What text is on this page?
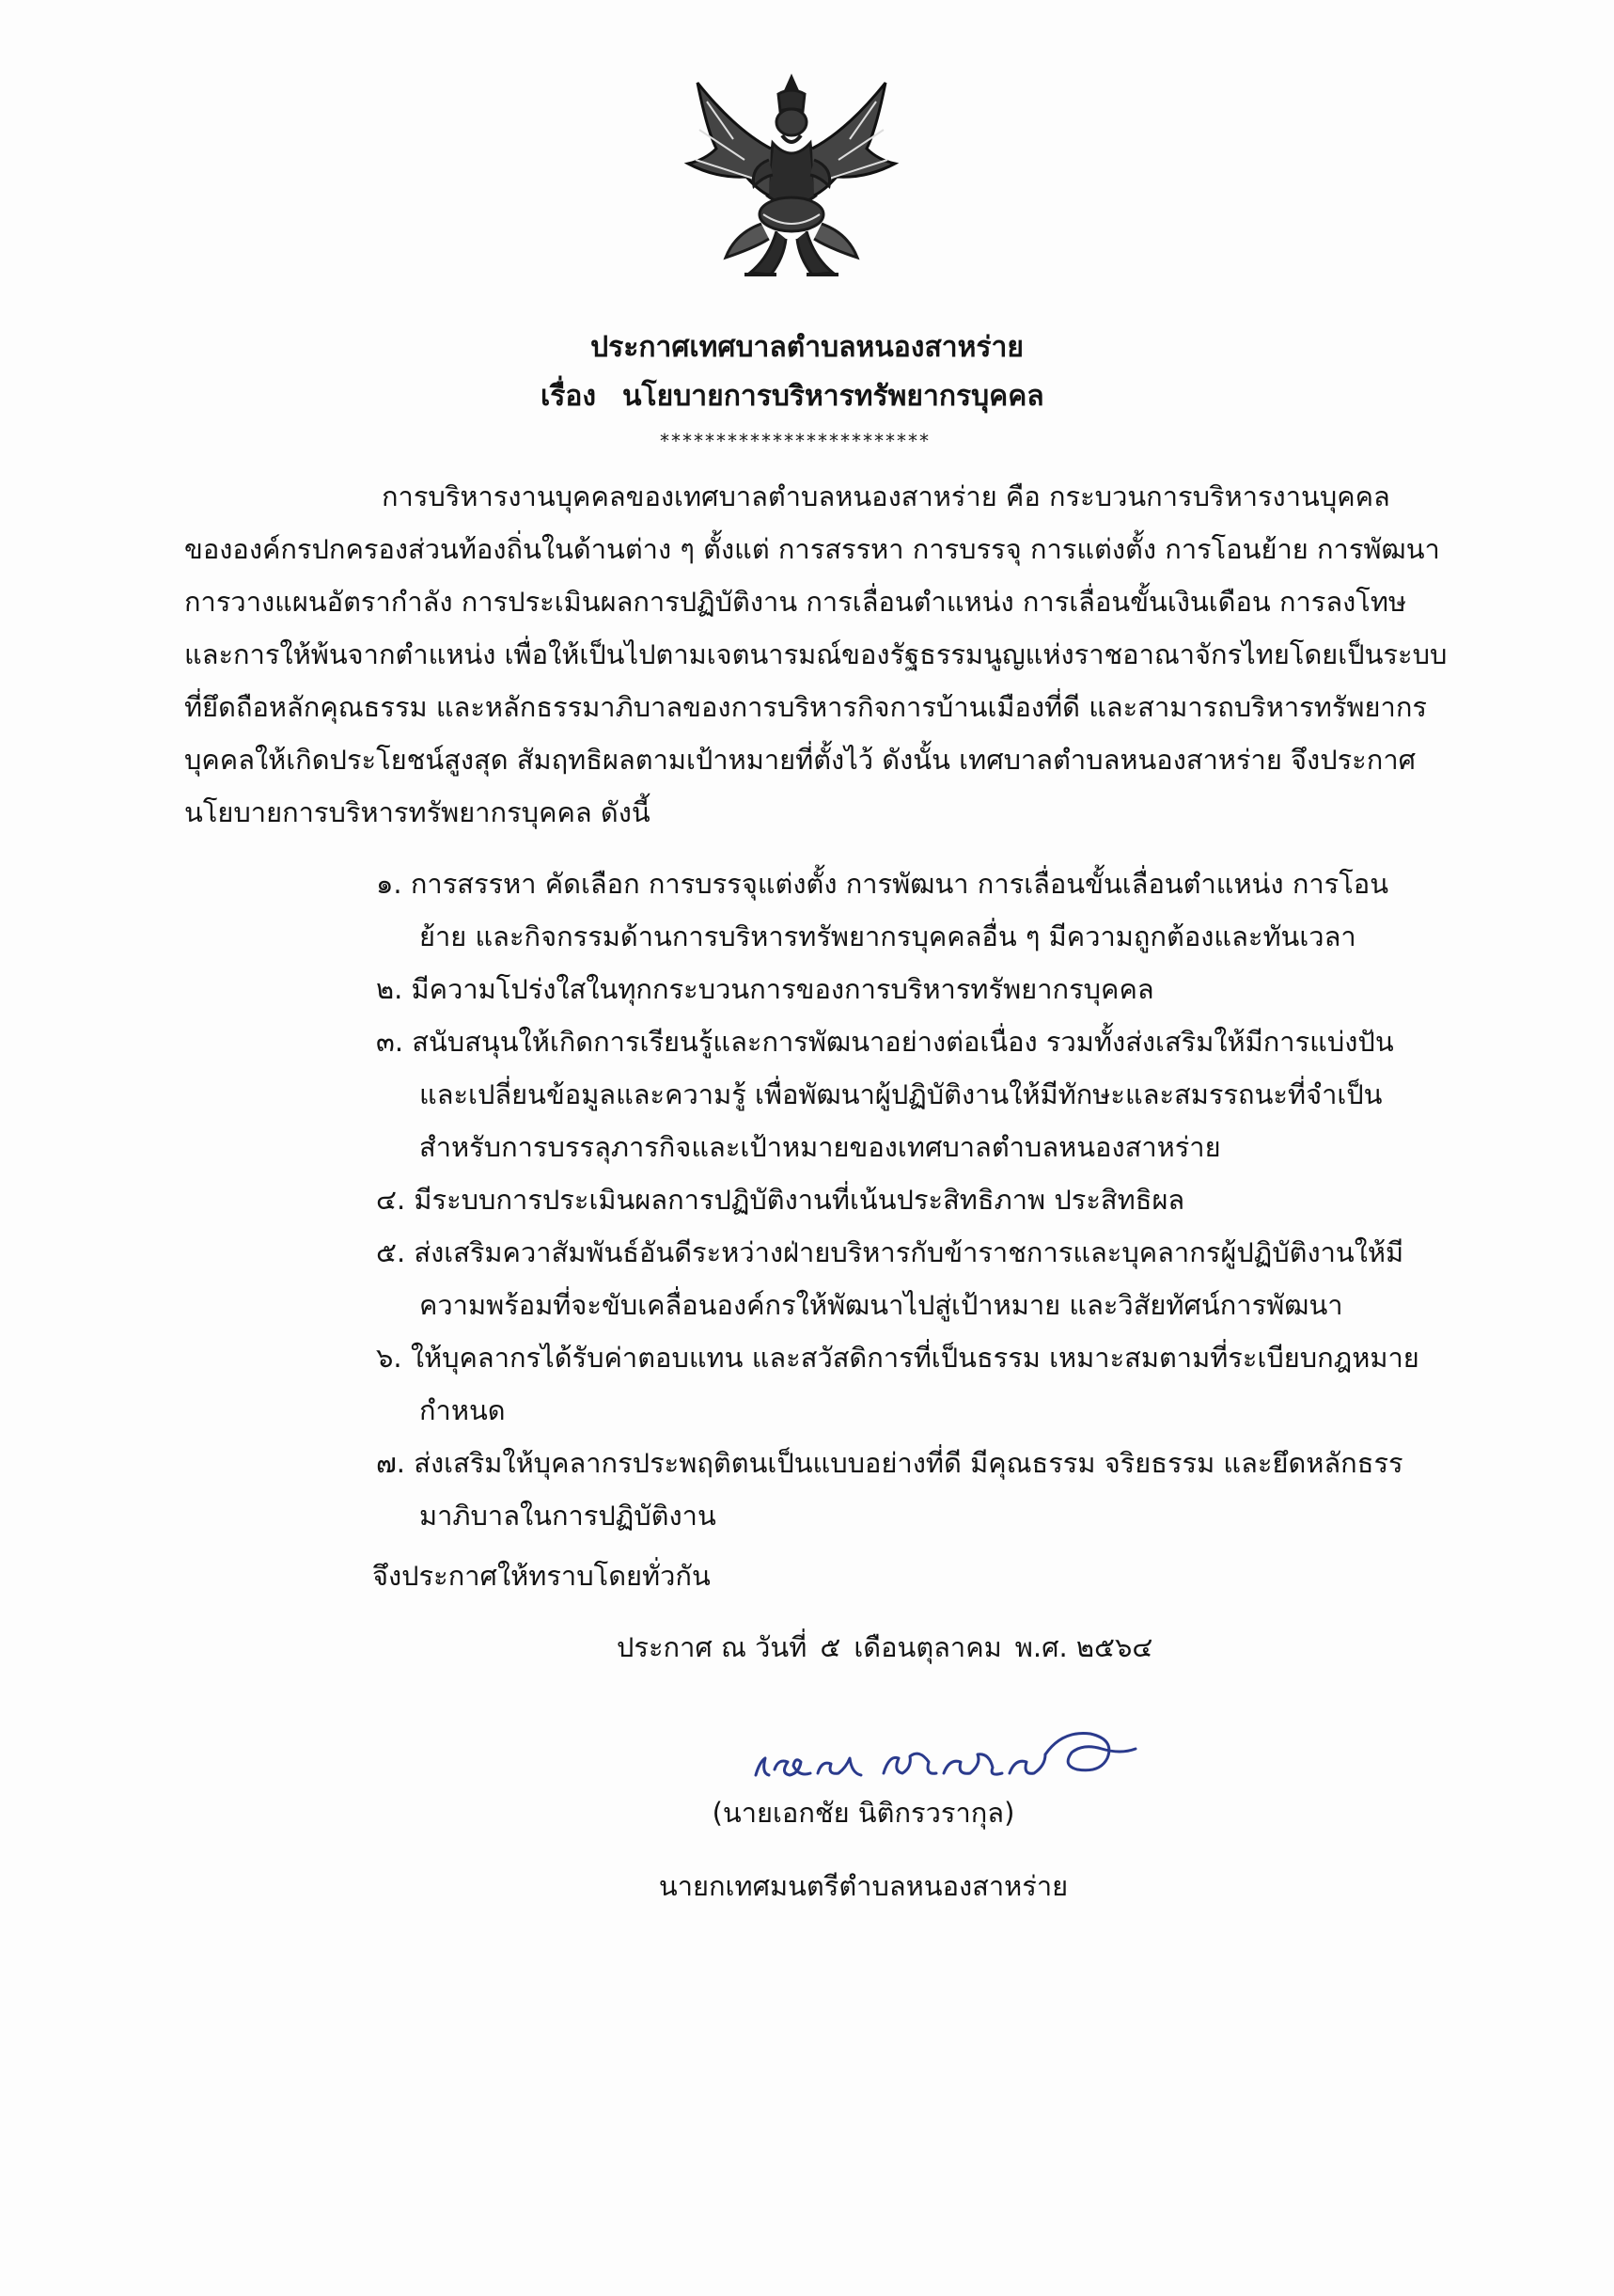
ประกาศเทศบาลตำบลหนองสาหร่าย
เรื่อง นโยบายการบริหารทรัพยากรบุคคล
************************
การบริหารงานบุคคลของเทศบาลตำบลหนองสาหร่าย คือ กระบวนการบริหารงานบุคคล
ขององค์กรปกครองส่วนท้องถิ่นในด้านต่าง ๆ ตั้งแต่ การสรรหา การบรรจุ การแต่งตั้ง การโอนย้าย การพัฒนา
การวางแผนอัตรากำลัง การประเมินผลการปฏิบัติงาน การเลื่อนตำแหน่ง การเลื่อนขั้นเงินเดือน การลงโทษ
และการให้พ้นจากตำแหน่ง เพื่อให้เป็นไปตามเจตนารมณ์ของรัฐธรรมนูญแห่งราชอาณาจักรไทยโดยเป็นระบบ
ที่ยึดถือหลักคุณธรรม และหลักธรรมาภิบาลของการบริหารกิจการบ้านเมืองที่ดี และสามารถบริหารทรัพยากร
บุคคลให้เกิดประโยชน์สูงสุด สัมฤทธิผลตามเป้าหมายที่ตั้งไว้ ดังนั้น เทศบาลตำบลหนองสาหร่าย จึงประกาศ
นโยบายการบริหารทรัพยากรบุคคล ดังนี้
๑. การสรรหา คัดเลือก การบรรจุแต่งตั้ง การพัฒนา การเลื่อนขั้นเลื่อนตำแหน่ง การโอน
ย้าย และกิจกรรมด้านการบริหารทรัพยากรบุคคลอื่น ๆ มีความถูกต้องและทันเวลา
๒. มีความโปร่งใสในทุกกระบวนการของการบริหารทรัพยากรบุคคล
๓. สนับสนุนให้เกิดการเรียนรู้และการพัฒนาอย่างต่อเนื่อง รวมทั้งส่งเสริมให้มีการแบ่งปัน
และเปลี่ยนข้อมูลและความรู้ เพื่อพัฒนาผู้ปฏิบัติงานให้มีทักษะและสมรรถนะที่จำเป็น
สำหรับการบรรลุภารกิจและเป้าหมายของเทศบาลตำบลหนองสาหร่าย
๔. มีระบบการประเมินผลการปฏิบัติงานที่เน้นประสิทธิภาพ ประสิทธิผล
๕. ส่งเสริมควาสัมพันธ์อันดีระหว่างฝ่ายบริหารกับข้าราชการและบุคลากรผู้ปฏิบัติงานให้มี
ความพร้อมที่จะขับเคลื่อนองค์กรให้พัฒนาไปสู่เป้าหมาย และวิสัยทัศน์การพัฒนา
๖. ให้บุคลากรได้รับค่าตอบแทน และสวัสดิการที่เป็นธรรม เหมาะสมตามที่ระเบียบกฎหมาย
กำหนด
๗. ส่งเสริมให้บุคลากรประพฤติตนเป็นแบบอย่างที่ดี มีคุณธรรม จริยธรรม และยึดหลักธรร
มาภิบาลในการปฏิบัติงาน
จึงประกาศให้ทราบโดยทั่วกัน
ประกาศ ณ วันที่ ๕ เดือนตุลาคม พ.ศ. ๒๕๖๔
(นายเอกชัย นิติกรวรากุล)
นายกเทศมนตรีตำบลหนองสาหร่าย
